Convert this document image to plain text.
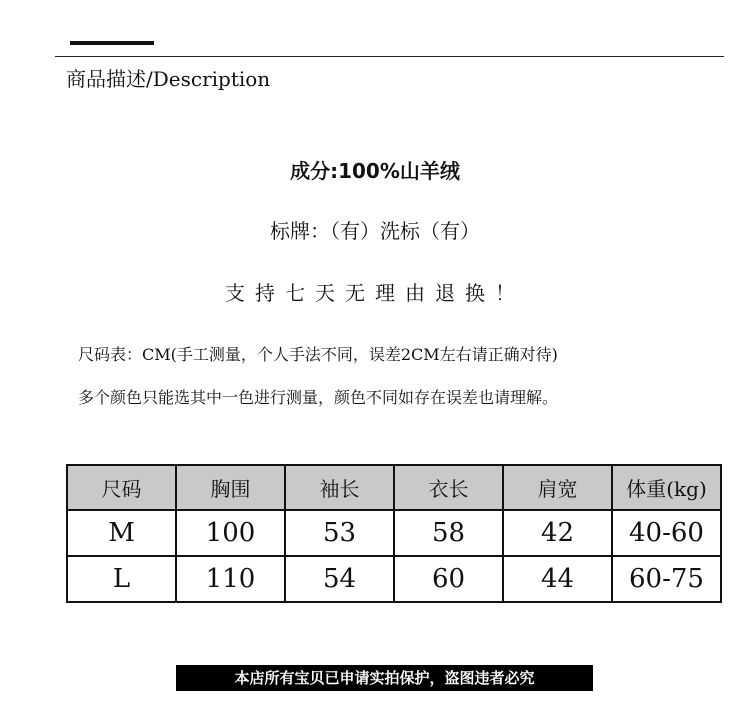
商品描述/Description
成分:100%山羊绒
标牌：（有）洗标（有）
支持七天无理由退换！
尺码表：CM(手工测量，个人手法不同，误差2CM左右请正确对待)
多个颜色只能选其中一色进行测量，颜色不同如存在误差也请理解。
尺码	胸围	袖长	衣长	肩宽	体重(kg)
M	100	53	58	42	40-60
L	110	54	60	44	60-75
本店所有宝贝已申请实拍保护，盗图违者必究
